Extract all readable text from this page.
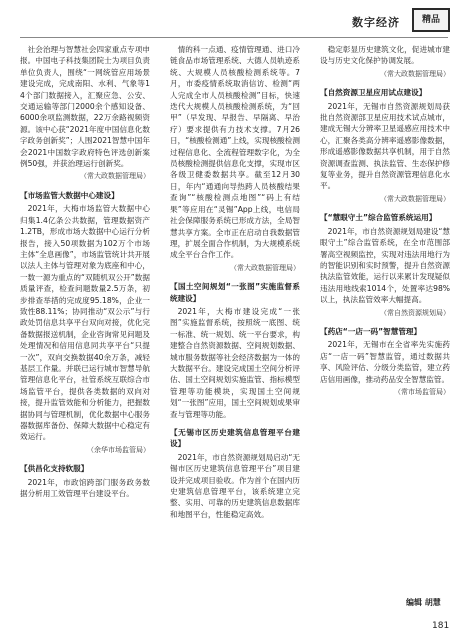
数字经济	精品

社会治理与智慧社会四家重点专项申报。中国电子科技集团院士为项目负责单位负责人，围绕“一网统管应用场景建设完成，完成南阳、水利、气象等14个部门数据接入，汇聚应急、公安、交通运输等部门2000余个感知设备、6000余项监测数据，22万余路视频资源。该中心获“2021年度中国信息化数字政务创新奖”；人围2021智慧中国年会2021中国数字政府特色评选创新案例50强，并获治理运行创新奖。

（常大政数据管理局）

【市场监管大数据中心建设】

2021年，大梅市场监管大数据中心归集1.4亿条公共数据，管理数据资产1.2TB，形成市场大数据中心运行分析报告，接入50项数据为102万个市场主体“全息画像”，市场监管统计共开展以法人主体与管理对象为底座和中心，一数一源为重点的“双随机双公开”数据质量评查，检查问题数量2.5万条，初步排查举措的完成度95.18%，企业一致性88.11%；协同推动“双公示”与行政处罚信息共享平台双向对接，优化完备数据报送机制，企业咨询常见问题及处理情况和信用信息同共享平台“只提一次”，双向交换数据40余万条，减轻基层工作量。并联已运行城市智慧导航管理信息化平台，社管系统互联综合市场监管平台，提供各类数据的双向对接，提升监管效能和分析能力，把握数据协同与管理机制，优化数据中心服务器数据库备份、保障大数据中心稳定有效运行。

（余华市场监管局）

【供昌化支持软服】

2021年，市政馆跨部门服务政务数据分析用工效管理平台建设平台。

情的科一点通、疫情管理通、进口冷链食品市场管理系统、大德人员轨迹系统、大规模人员核酸检测系统等。7月，市委疫情系统取消信访、检测“两人完成全市人员核酸检测”目标，快速迭代大规模人员核酸检测系统，为“回甲”（早发现、早报告、早隔离、早治疗）要求提供有力技术支撑。7月26日，“核酸检测通”上线，实现核酸检测过程信息化、全流程管理数字化，为全员核酸检测提供信息化支撑，实现市区各级卫健委数据共享。截至12月30日，年内“通通向导热跨人员核酸结果查询”“核酸检测点地图”“码上有结果”等应用在“灵锡”App上线，电信局社会保障服务系统已形成方法，全局智慧共享方案。全市正在启动自我数据管理，扩展全面合作机制，为大规模系统成全平台合作工作。

（常大政数据管理局）

【国土空间规划“一张图”实施监督系统建设】

2021年，大梅市建设完成“一张图”实施监督系统，按照统一底图、统一标准、统一规划、统一平台要求，构建整合自然资源数据、空间规划数据、城市服务数据等社会经济数据为一体的大数据平台。建设完成国土空间分析评估、国土空间规划实施监管、指标模型管理等功能模块，实现国土空间规划“一张图”应用，国土空间规划成果审查与管理等功能。

【无锡市区历史建筑信息管理平台建设】

2021年，市自然资源规划局启动“无锡市区历史建筑信息管理平台”项目建设并完成项目验收。作为首个在国内历史建筑信息管理平台，该系统建立完整、实用、可靠的历史建筑信息数据库和地图平台，性能稳定高效。

稳定彰显历史建筑文化，促进城市建设与历史文化保护协调发展。

（常大政数据管理局）

【自然资源卫星应用试点建设】

2021年，无锡市自然资源规划局获批自然资源部卫星应用技术试点城市，建成无锡大分辨率卫星遥感应用技术中心，汇聚各类高分辨率遥感影像数据，形成遥感影像数据共享机制，用于自然资源调查监测、执法监管、生态保护修复等业务，提升自然资源管理信息化水平。

（常大政数据管理局）

【“慧眼守土”综合监管系统运用】

2021年，市自然资源规划局建设“慧眼守土”综合监管系统，在全市范围部署高空视频监控，实现对违法用地行为的智能识别和实时预警，提升自然资源执法监管效能，运行以来累计发现疑似违法用地线索1014个，处置率达98%以上，执法监管效率大幅提高。

（常自然资源规划局）

【药店“一店一码”智慧管理】

2021年，无锡市在全省率先实施药店“一店一码”智慧监管，通过数据共享、风险评估、分级分类监管，建立药店信用画像，推动药品安全智慧监管。

（常市场监管局）
编辑 胡慧
181
